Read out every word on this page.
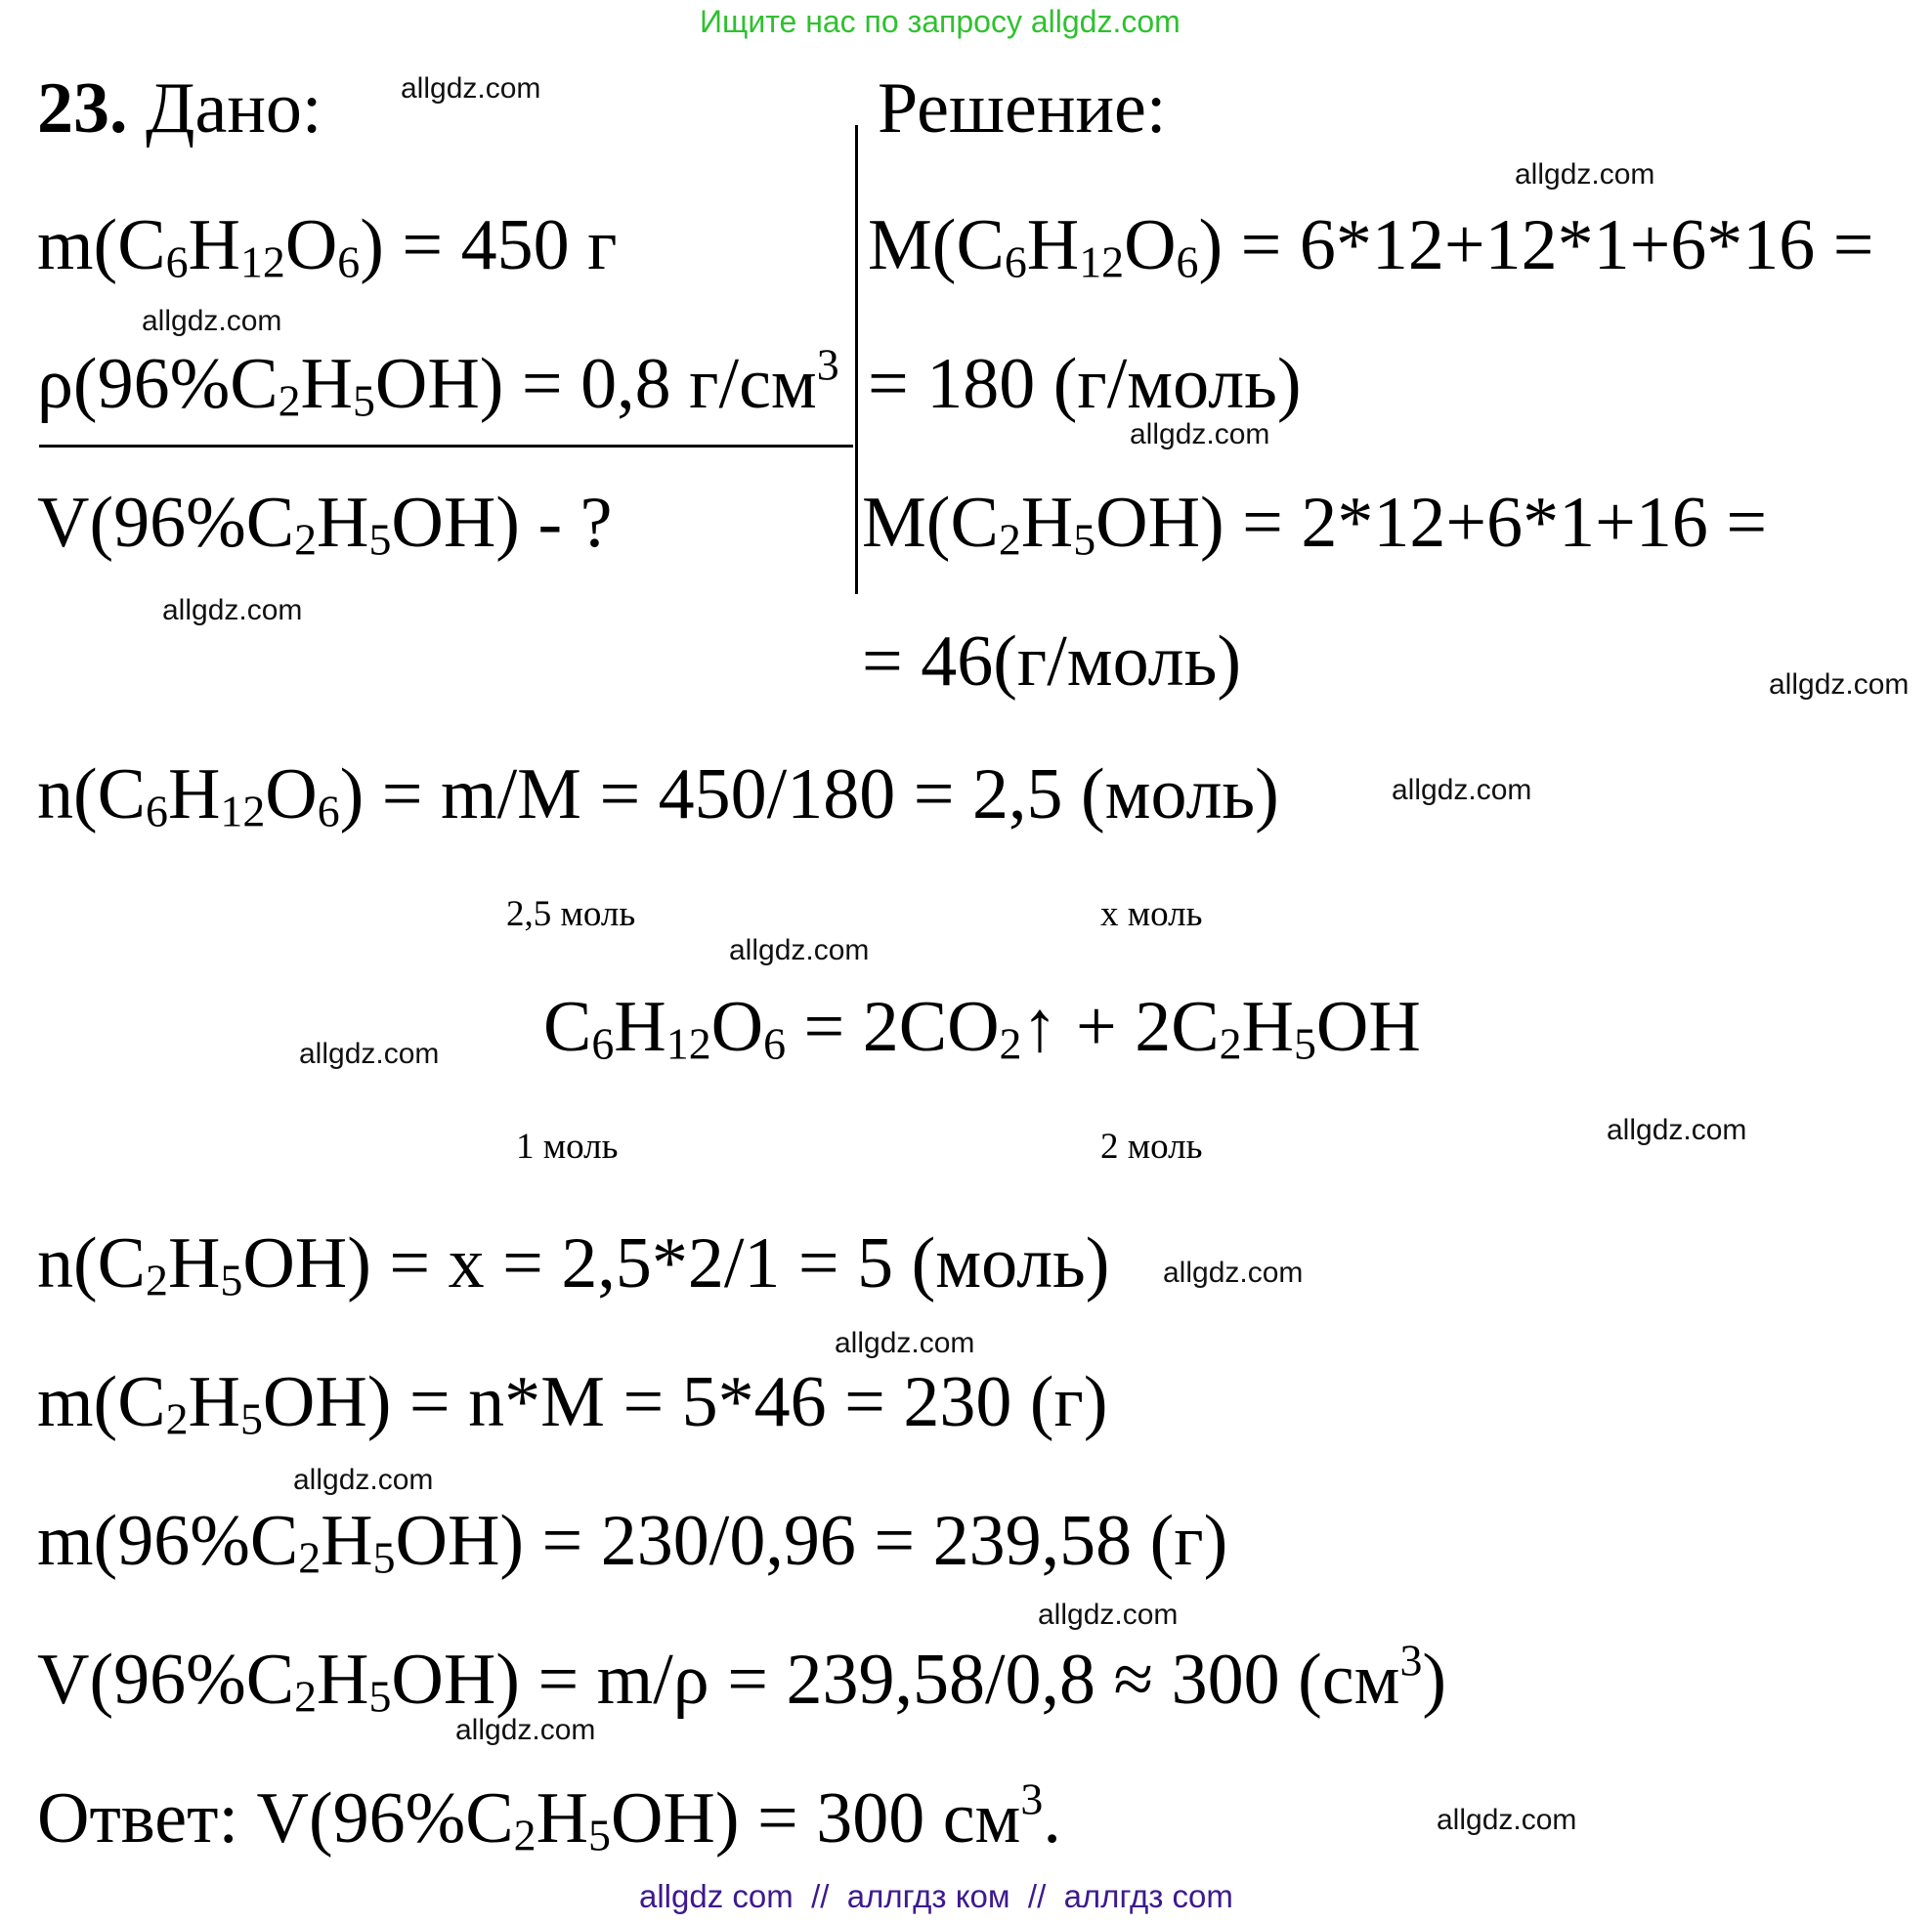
Ищите нас по запросу allgdz.com
23. Дано:	Решение:
$m(C_6H_{12}O_6) = 450$ г
$\rho(96\%C_2H_5OH) = 0,8$ $г/см^3$
$V(96\%C_2H_5OH)$ - ?
$M(C_6H_{12}O_6) = 6*12+12*1+6*16$ =
= 180 (г/моль)
$M(C_2H_5OH) = 2*12+6*1+16$ =
= 46(г/моль)
$n(C_6H_{12}O_6) = m/M = 450/180 = 2,5$ (моль)
2,5 моль	x моль
$C_6H_{12}O_6$ = $2CO_2↑ + 2C_2H_5OH$
1 моль	2 моль
$n(C_2H_5OH) = x = 2,5*2/1 = 5$ (моль)
$m(C_2H_5OH) = n*M = 5*46 = 230$ (г)
$m(96\%C_2H_5OH) = 230/0,96 = 239,58$ (г)
$V(96\%C_2H_5OH) = m/\rho = 239,58/0,8 \approx 300$ $(см^3)$
Ответ: $V(96\%C_2H_5OH) = 300$ $см^3$.
allgdz.com
allgdz.com
allgdz.com
allgdz.com
allgdz.com
allgdz.com
allgdz.com
allgdz.com
allgdz.com
allgdz.com
allgdz.com
allgdz.com
allgdz.com
allgdz.com
allgdz.com
allgdz.com
allgdz com  //  аллгдз ком  //  аллгдз com
